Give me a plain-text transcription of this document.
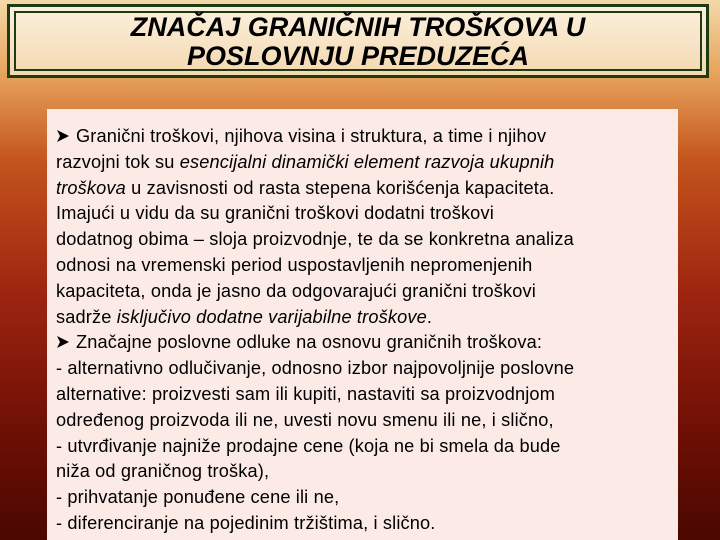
ZNAČAJ GRANIČNIH TROŠKOVA U
POSLOVNJU PREDUZEĆA

Granični troškovi, njihova visina i struktura, a time i njihov

razvojni tok su esencijalni dinamički element razvoja ukupnih

troškova u zavisnosti od rasta stepena korišćenja kapaciteta.

Imajući u vidu da su granični troškovi dodatni troškovi

dodatnog obima – sloja proizvodnje, te da se konkretna analiza

odnosi na vremenski period uspostavljenih nepromenjenih

kapaciteta, onda je jasno da odgovarajući granični troškovi

sadrže isključivo dodatne varijabilne troškove.

Značajne poslovne odluke na osnovu graničnih troškova:

- alternativno odlučivanje, odnosno izbor najpovoljnije poslovne

alternative: proizvesti sam ili kupiti, nastaviti sa proizvodnjom

određenog proizvoda ili ne, uvesti novu smenu ili ne, i slično,

- utvrđivanje najniže prodajne cene (koja ne bi smela da bude

niža od graničnog troška),

- prihvatanje ponuđene cene ili ne,

- diferenciranje na pojedinim tržištima, i slično.
